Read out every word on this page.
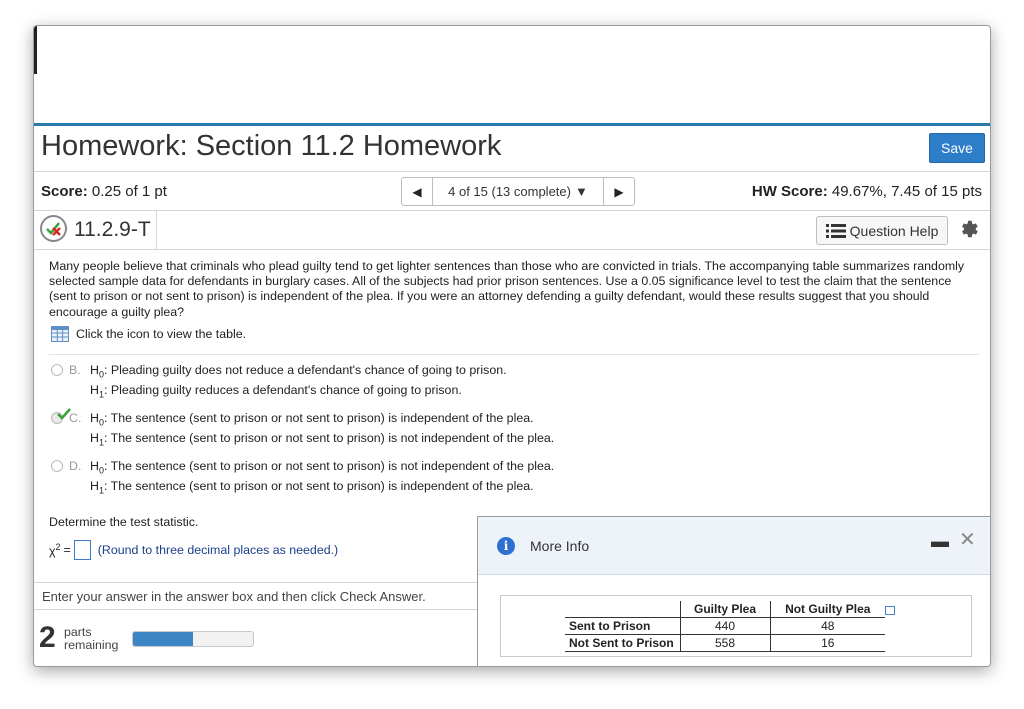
Homework: Section 11.2 Homework	Save
Score: 0.25 of 1 pt	◀ 4 of 15 (13 complete) ▼ ▶	HW Score: 49.67%, 7.45 of 15 pts
11.2.9-T	Question Help
Many people believe that criminals who plead guilty tend to get lighter sentences than those who are convicted in trials. The accompanying table summarizes randomly selected sample data for defendants in burglary cases. All of the subjects had prior prison sentences. Use a 0.05 significance level to test the claim that the sentence (sent to prison or not sent to prison) is independent of the plea. If you were an attorney defending a guilty defendant, would these results suggest that you should encourage a guilty plea?
Click the icon to view the table.
B. $H_0$: Pleading guilty does not reduce a defendant's chance of going to prison.
$H_1$: Pleading guilty reduces a defendant's chance of going to prison.
C. $H_0$: The sentence (sent to prison or not sent to prison) is independent of the plea.
$H_1$: The sentence (sent to prison or not sent to prison) is not independent of the plea.
D. $H_0$: The sentence (sent to prison or not sent to prison) is not independent of the plea.
$H_1$: The sentence (sent to prison or not sent to prison) is independent of the plea.
Determine the test statistic.
$\chi^2$ = (Round to three decimal places as needed.)
Enter your answer in the answer box and then click Check Answer.
2 parts
remaining
i	More Info	▬ ✕
	Guilty Plea	Not Guilty Plea
Sent to Prison	440	48
Not Sent to Prison	558	16
